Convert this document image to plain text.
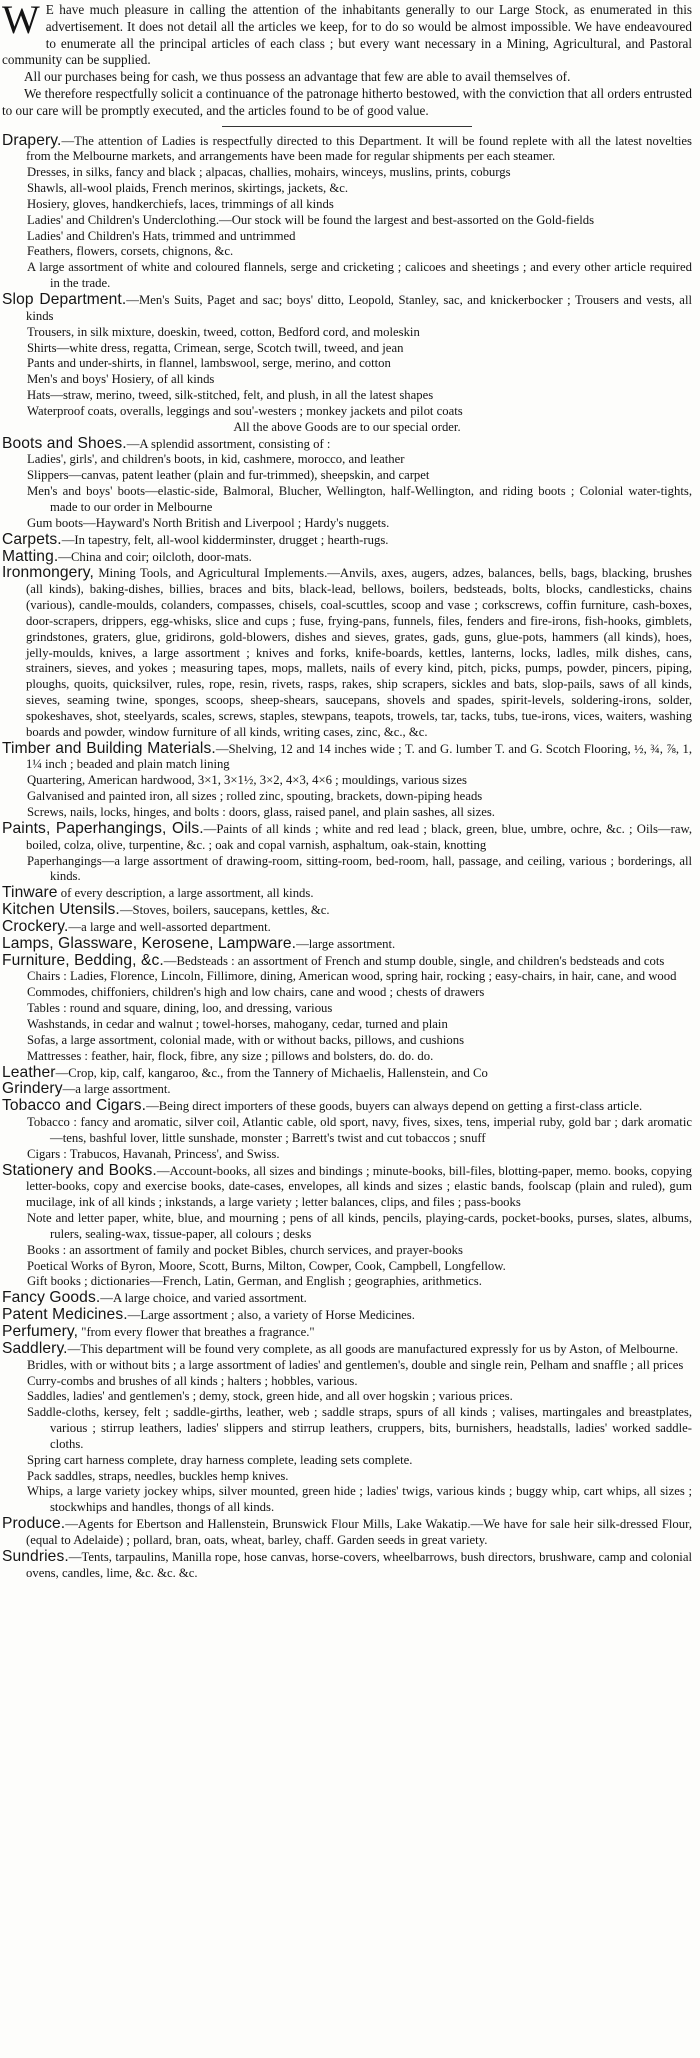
W E have much pleasure in calling the attention of the inhabitants generally to our Large Stock, as enumerated in this advertisement. It does not detail all the articles we keep, for to do so would be almost impossible. We have endeavoured to enumerate all the principal articles of each class ; but every want necessary in a Mining, Agricultural, and Pastoral community can be supplied.

All our purchases being for cash, we thus possess an advantage that few are able to avail themselves of.

We therefore respectfully solicit a continuance of the patronage hitherto bestowed, with the conviction that all orders entrusted to our care will be promptly executed, and the articles found to be of good value.

Drapery.—The attention of Ladies is respectfully directed to this Department. It will be found replete with all the latest novelties from the Melbourne markets, and arrangements have been made for regular shipments per each steamer.

Dresses, in silks, fancy and black ; alpacas, challies, mohairs, winceys, muslins, prints, coburgs

Shawls, all-wool plaids, French merinos, skirtings, jackets, &c.

Hosiery, gloves, handkerchiefs, laces, trimmings of all kinds

Ladies' and Children's Underclothing.—Our stock will be found the largest and best-assorted on the Gold-fields

Ladies' and Children's Hats, trimmed and untrimmed

Feathers, flowers, corsets, chignons, &c.

A large assortment of white and coloured flannels, serge and cricketing ; calicoes and sheetings ; and every other article required in the trade.

Slop Department.—Men's Suits, Paget and sac; boys' ditto, Leopold, Stanley, sac, and knickerbocker ; Trousers and vests, all kinds

Trousers, in silk mixture, doeskin, tweed, cotton, Bedford cord, and moleskin

Shirts—white dress, regatta, Crimean, serge, Scotch twill, tweed, and jean

Pants and under-shirts, in flannel, lambswool, serge, merino, and cotton

Men's and boys' Hosiery, of all kinds

Hats—straw, merino, tweed, silk-stitched, felt, and plush, in all the latest shapes

Waterproof coats, overalls, leggings and sou'-westers ; monkey jackets and pilot coats

All the above Goods are to our special order.

Boots and Shoes.—A splendid assortment, consisting of :

Ladies', girls', and children's boots, in kid, cashmere, morocco, and leather

Slippers—canvas, patent leather (plain and fur-trimmed), sheepskin, and carpet

Men's and boys' boots—elastic-side, Balmoral, Blucher, Wellington, half-Wellington, and riding boots ; Colonial water-tights, made to our order in Melbourne

Gum boots—Hayward's North British and Liverpool ; Hardy's nuggets.

Carpets.—In tapestry, felt, all-wool kidderminster, drugget ; hearth-rugs.

Matting.—China and coir; oilcloth, door-mats.

Ironmongery, Mining Tools, and Agricultural Implements.—Anvils, axes, augers, adzes, balances, bells, bags, blacking, brushes (all kinds), baking-dishes, billies, braces and bits, black-lead, bellows, boilers, bedsteads, bolts, blocks, candlesticks, chains (various), candle-moulds, colanders, compasses, chisels, coal-scuttles, scoop and vase ; corkscrews, coffin furniture, cash-boxes, door-scrapers, drippers, egg-whisks, slice and cups ; fuse, frying-pans, funnels, files, fenders and fire-irons, fish-hooks, gimblets, grindstones, graters, glue, gridirons, gold-blowers, dishes and sieves, grates, gads, guns, glue-pots, hammers (all kinds), hoes, jelly-moulds, knives, a large assortment ; knives and forks, knife-boards, kettles, lanterns, locks, ladles, milk dishes, cans, strainers, sieves, and yokes ; measuring tapes, mops, mallets, nails of every kind, pitch, picks, pumps, powder, pincers, piping, ploughs, quoits, quicksilver, rules, rope, resin, rivets, rasps, rakes, ship scrapers, sickles and bats, slop-pails, saws of all kinds, sieves, seaming twine, sponges, scoops, sheep-shears, saucepans, shovels and spades, spirit-levels, soldering-irons, solder, spokeshaves, shot, steelyards, scales, screws, staples, stewpans, teapots, trowels, tar, tacks, tubs, tue-irons, vices, waiters, washing boards and powder, window furniture of all kinds, writing cases, zinc, &c., &c.

Timber and Building Materials.—Shelving, 12 and 14 inches wide ; T. and G. lumber T. and G. Scotch Flooring, ½, ¾, ⅞, 1, 1¼ inch ; beaded and plain match lining

Quartering, American hardwood, 3×1, 3×1½, 3×2, 4×3, 4×6 ; mouldings, various sizes

Galvanised and painted iron, all sizes ; rolled zinc, spouting, brackets, down-piping heads

Screws, nails, locks, hinges, and bolts : doors, glass, raised panel, and plain sashes, all sizes.

Paints, Paperhangings, Oils.—Paints of all kinds ; white and red lead ; black, green, blue, umbre, ochre, &c. ; Oils—raw, boiled, colza, olive, turpentine, &c. ; oak and copal varnish, asphaltum, oak-stain, knotting

Paperhangings—a large assortment of drawing-room, sitting-room, bed-room, hall, passage, and ceiling, various ; borderings, all kinds.

Tinware of every description, a large assortment, all kinds.

Kitchen Utensils.—Stoves, boilers, saucepans, kettles, &c.

Crockery.—a large and well-assorted department.

Lamps, Glassware, Kerosene, Lampware.—large assortment.

Furniture, Bedding, &c.—Bedsteads : an assortment of French and stump double, single, and children's bedsteads and cots

Chairs : Ladies, Florence, Lincoln, Fillimore, dining, American wood, spring hair, rocking ; easy-chairs, in hair, cane, and wood

Commodes, chiffoniers, children's high and low chairs, cane and wood ; chests of drawers

Tables : round and square, dining, loo, and dressing, various

Washstands, in cedar and walnut ; towel-horses, mahogany, cedar, turned and plain

Sofas, a large assortment, colonial made, with or without backs, pillows, and cushions

Mattresses : feather, hair, flock, fibre, any size ; pillows and bolsters, do. do. do.

Leather—Crop, kip, calf, kangaroo, &c., from the Tannery of Michaelis, Hallenstein, and Co

Grindery—a large assortment.

Tobacco and Cigars.—Being direct importers of these goods, buyers can always depend on getting a first-class article.

Tobacco : fancy and aromatic, silver coil, Atlantic cable, old sport, navy, fives, sixes, tens, imperial ruby, gold bar ; dark aromatic—tens, bashful lover, little sunshade, monster ; Barrett's twist and cut tobaccos ; snuff

Cigars : Trabucos, Havanah, Princess', and Swiss.

Stationery and Books.—Account-books, all sizes and bindings ; minute-books, bill-files, blotting-paper, memo. books, copying letter-books, copy and exercise books, date-cases, envelopes, all kinds and sizes ; elastic bands, foolscap (plain and ruled), gum mucilage, ink of all kinds ; inkstands, a large variety ; letter balances, clips, and files ; pass-books

Note and letter paper, white, blue, and mourning ; pens of all kinds, pencils, playing-cards, pocket-books, purses, slates, albums, rulers, sealing-wax, tissue-paper, all colours ; desks

Books : an assortment of family and pocket Bibles, church services, and prayer-books

Poetical Works of Byron, Moore, Scott, Burns, Milton, Cowper, Cook, Campbell, Longfellow.

Gift books ; dictionaries—French, Latin, German, and English ; geographies, arithmetics.

Fancy Goods.—A large choice, and varied assortment.

Patent Medicines.—Large assortment ; also, a variety of Horse Medicines.

Perfumery, "from every flower that breathes a fragrance."

Saddlery.—This department will be found very complete, as all goods are manufactured expressly for us by Aston, of Melbourne.

Bridles, with or without bits ; a large assortment of ladies' and gentlemen's, double and single rein, Pelham and snaffle ; all prices

Curry-combs and brushes of all kinds ; halters ; hobbles, various.

Saddles, ladies' and gentlemen's ; demy, stock, green hide, and all over hogskin ; various prices.

Saddle-cloths, kersey, felt ; saddle-girths, leather, web ; saddle straps, spurs of all kinds ; valises, martingales and breastplates, various ; stirrup leathers, ladies' slippers and stirrup leathers, cruppers, bits, burnishers, headstalls, ladies' worked saddle-cloths.

Spring cart harness complete, dray harness complete, leading sets complete.

Pack saddles, straps, needles, buckles hemp knives.

Whips, a large variety jockey whips, silver mounted, green hide ; ladies' twigs, various kinds ; buggy whip, cart whips, all sizes ; stockwhips and handles, thongs of all kinds.

Produce.—Agents for Ebertson and Hallenstein, Brunswick Flour Mills, Lake Wakatip.—We have for sale heir silk-dressed Flour, (equal to Adelaide) ; pollard, bran, oats, wheat, barley, chaff. Garden seeds in great variety.

Sundries.—Tents, tarpaulins, Manilla rope, hose canvas, horse-covers, wheelbarrows, bush directors, brushware, camp and colonial ovens, candles, lime, &c. &c. &c.
